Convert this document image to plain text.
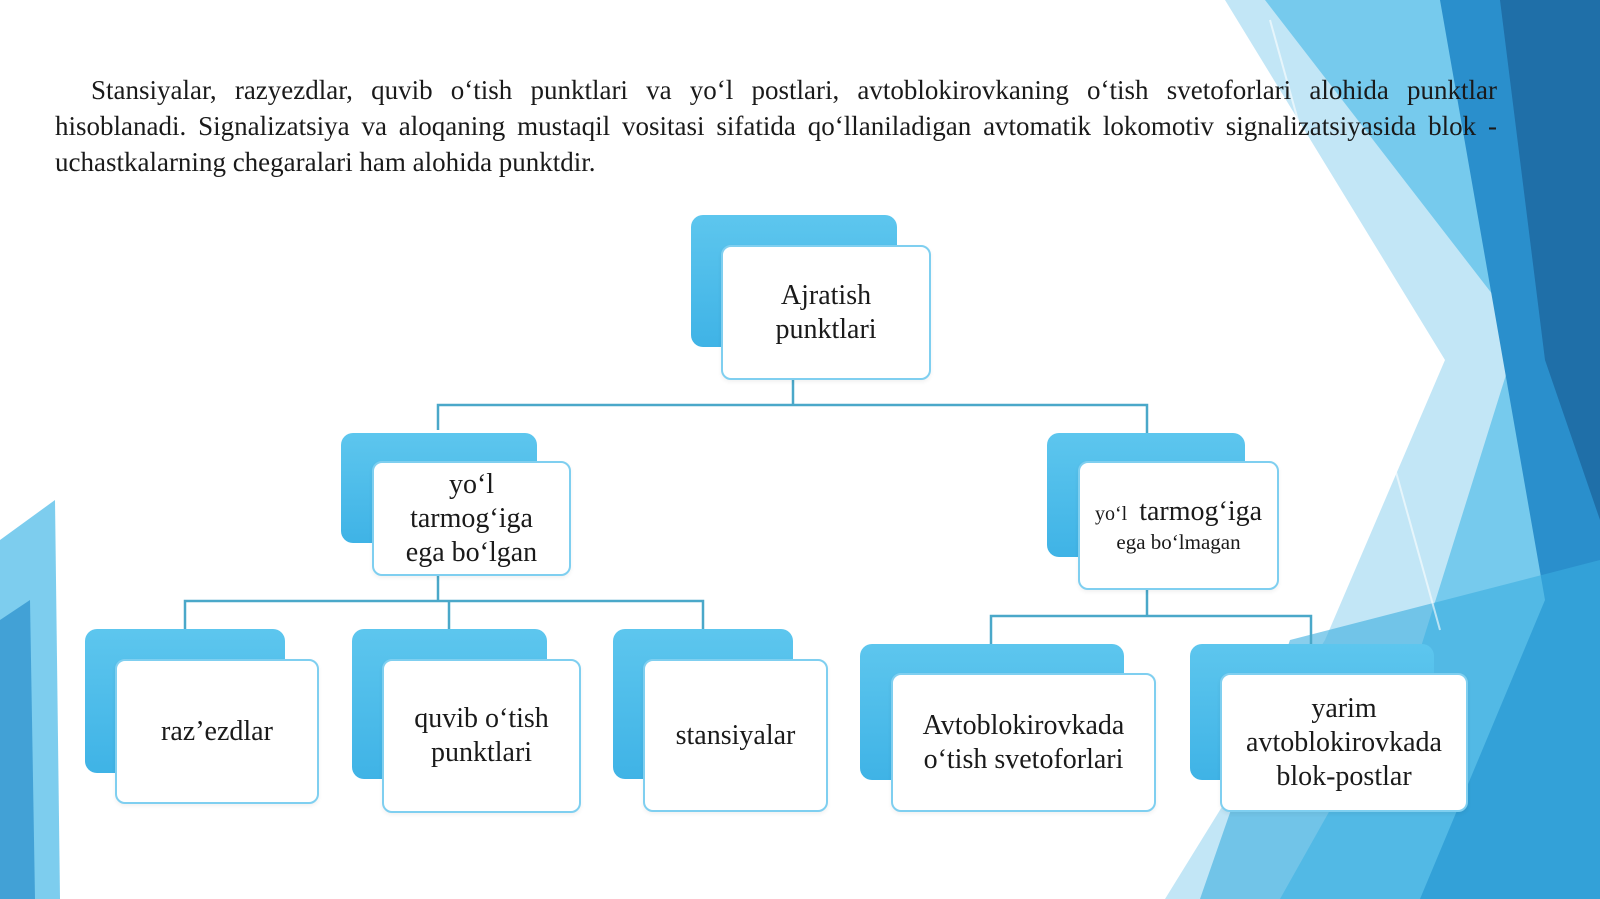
Stansiyalar, razyezdlar, quvib o‘tish punktlari va yo‘l postlari, avtoblokirovkaning o‘tish svetoforlari alohida punktlar hisoblanadi. Signalizatsiya va aloqaning mustaqil vositasi sifatida qo‘llaniladigan avtomatik lokomotiv signalizatsiyasida blok - uchastkalarning chegaralari ham alohida punktdir.

Ajratish
punktlari
yo‘l
tarmog‘iga
ega bo‘lgan
yo‘l tarmog‘iga
ega bo‘lmagan
raz’ezdlar	quvib o‘tish
punktlari
stansiyalar	Avtoblokirovkada
o‘tish svetoforlari
yarim
avtoblokirovkada
blok-postlar
